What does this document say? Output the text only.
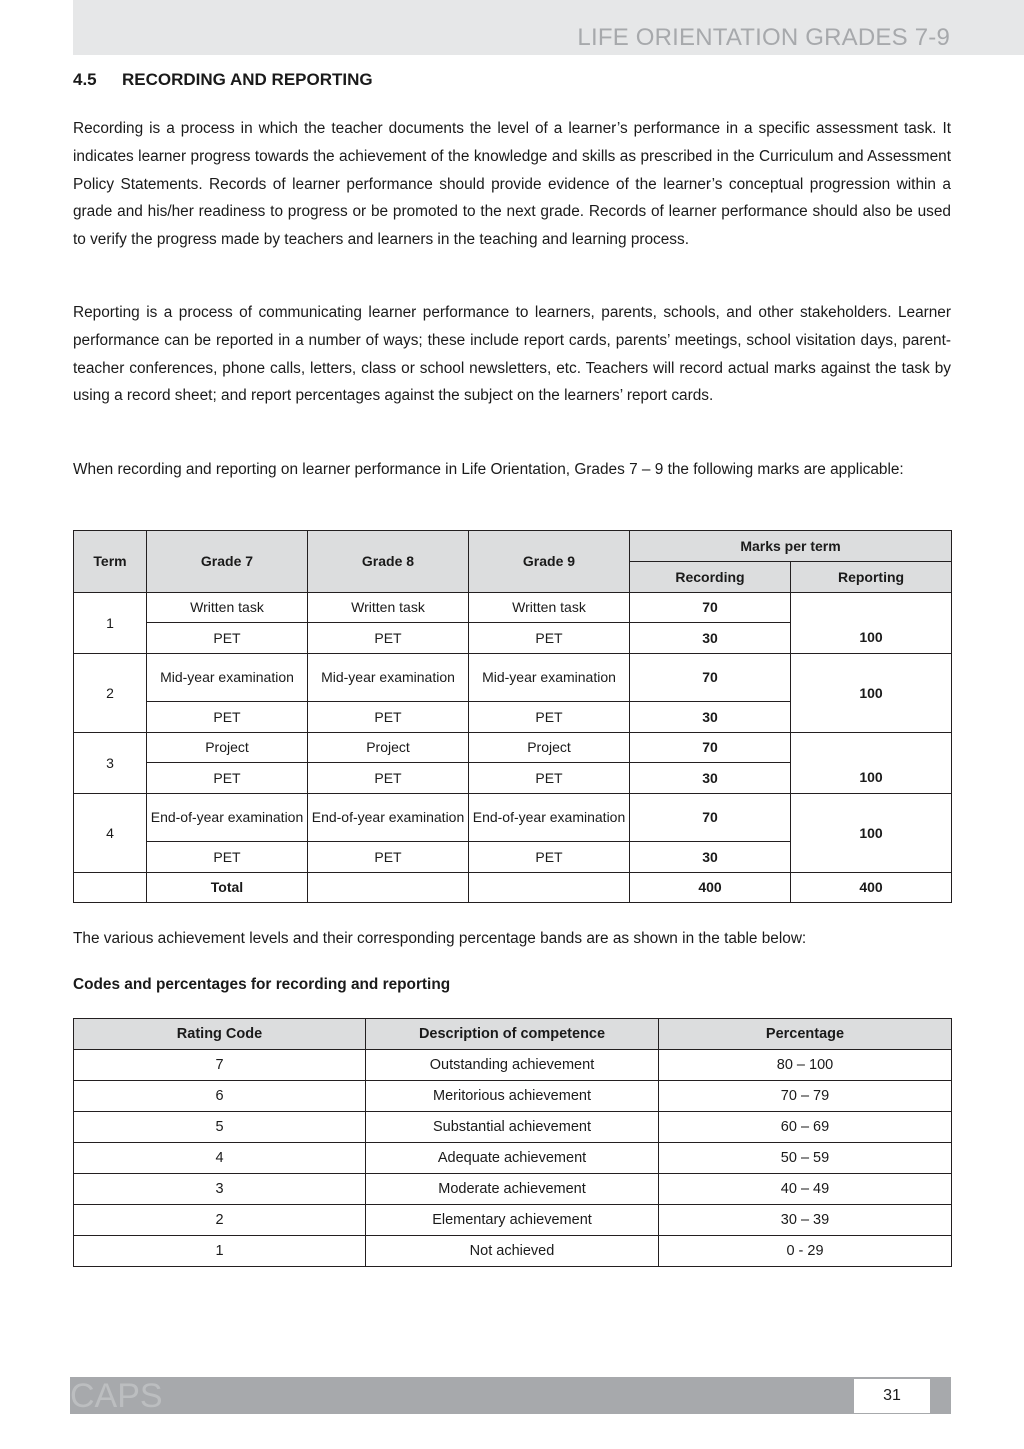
LIFE ORIENTATION GRADES 7-9
4.5 RECORDING AND REPORTING

Recording is a process in which the teacher documents the level of a learner’s performance in a specific assessment task. It indicates learner progress towards the achievement of the knowledge and skills as prescribed in the Curriculum and Assessment Policy Statements. Records of learner performance should provide evidence of the learner’s conceptual progression within a grade and his/her readiness to progress or be promoted to the next grade. Records of learner performance should also be used to verify the progress made by teachers and learners in the teaching and learning process.

Reporting is a process of communicating learner performance to learners, parents, schools, and other stakeholders. Learner performance can be reported in a number of ways; these include report cards, parents’ meetings, school visitation days, parent-teacher conferences, phone calls, letters, class or school newsletters, etc. Teachers will record actual marks against the task by using a record sheet; and report percentages against the subject on the learners’ report cards.

When recording and reporting on learner performance in Life Orientation, Grades 7 – 9 the following marks are applicable:

Term	Grade 7	Grade 8	Grade 9	Marks per term	
				Recording	Reporting
1	Written task	Written task	Written task	70	100
	PET	PET	PET	30	
2	Mid-year examination	Mid-year examination	Mid-year examination	70	100
	PET	PET	PET	30	
3	Project	Project	Project	70	100
	PET	PET	PET	30	
4	End-of-year examination	End-of-year examination	End-of-year examination	70	100
	PET	PET	PET	30	
	Total			400	400

The various achievement levels and their corresponding percentage bands are as shown in the table below:

Codes and percentages for recording and reporting
Rating Code	Description of competence	Percentage
7	Outstanding achievement	80 – 100
6	Meritorious achievement	70 – 79
5	Substantial achievement	60 – 69
4	Adequate achievement	50 – 59
3	Moderate achievement	40 – 49
2	Elementary achievement	30 – 39
1	Not achieved	0 - 29
CAPS	31
